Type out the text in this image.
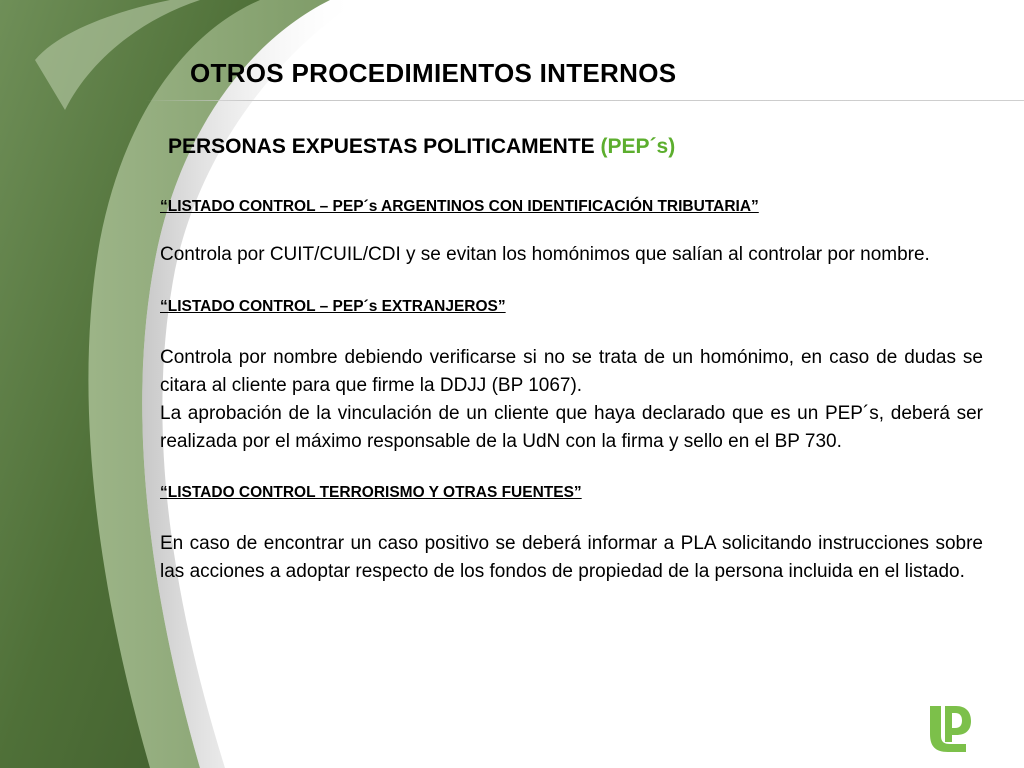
OTROS PROCEDIMIENTOS INTERNOS
PERSONAS EXPUESTAS POLITICAMENTE (PEP´s)

“LISTADO CONTROL – PEP´s ARGENTINOS CON IDENTIFICACIÓN TRIBUTARIA”

Controla por CUIT/CUIL/CDI y se evitan los homónimos que salían al controlar por nombre.

“LISTADO CONTROL – PEP´s EXTRANJEROS”

Controla por nombre debiendo verificarse si no se trata de un homónimo, en caso de dudas se citara al cliente para que firme la DDJJ (BP 1067).

La aprobación de la vinculación de un cliente que haya declarado que es un PEP´s, deberá ser realizada por el máximo responsable de la UdN con la firma y sello en el BP 730.

“LISTADO CONTROL TERRORISMO Y OTRAS FUENTES”

En caso de encontrar un caso positivo se deberá informar a PLA solicitando instrucciones sobre las acciones a adoptar respecto de los fondos de propiedad de la persona incluida en el listado.
